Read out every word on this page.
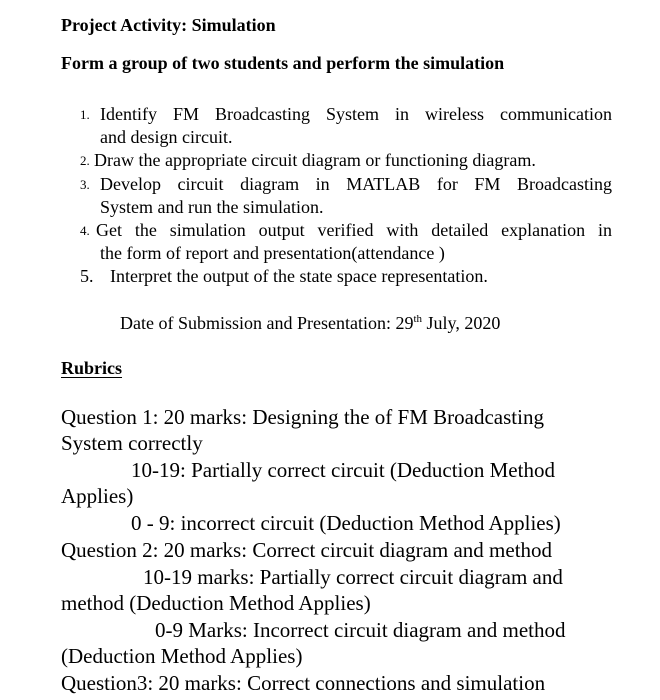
Project Activity: Simulation
Form a group of two students and perform the simulation
1. Identify FM Broadcasting System in wireless communication
and design circuit.
2. Draw the appropriate circuit diagram or functioning diagram.
3. Develop circuit diagram in MATLAB for FM Broadcasting
System and run the simulation.
4. Get the simulation output verified with detailed explanation in
the form of report and presentation(attendance )
5. Interpret the output of the state space representation.
Date of Submission and Presentation: 29th July, 2020
Rubrics
Question 1: 20 marks: Designing the of FM Broadcasting
System correctly
10-19: Partially correct circuit (Deduction Method
Applies)
0 - 9: incorrect circuit (Deduction Method Applies)
Question 2: 20 marks: Correct circuit diagram and method
10-19 marks: Partially correct circuit diagram and
method (Deduction Method Applies)
0-9 Marks: Incorrect circuit diagram and method
(Deduction Method Applies)
Question3: 20 marks: Correct connections and simulation
